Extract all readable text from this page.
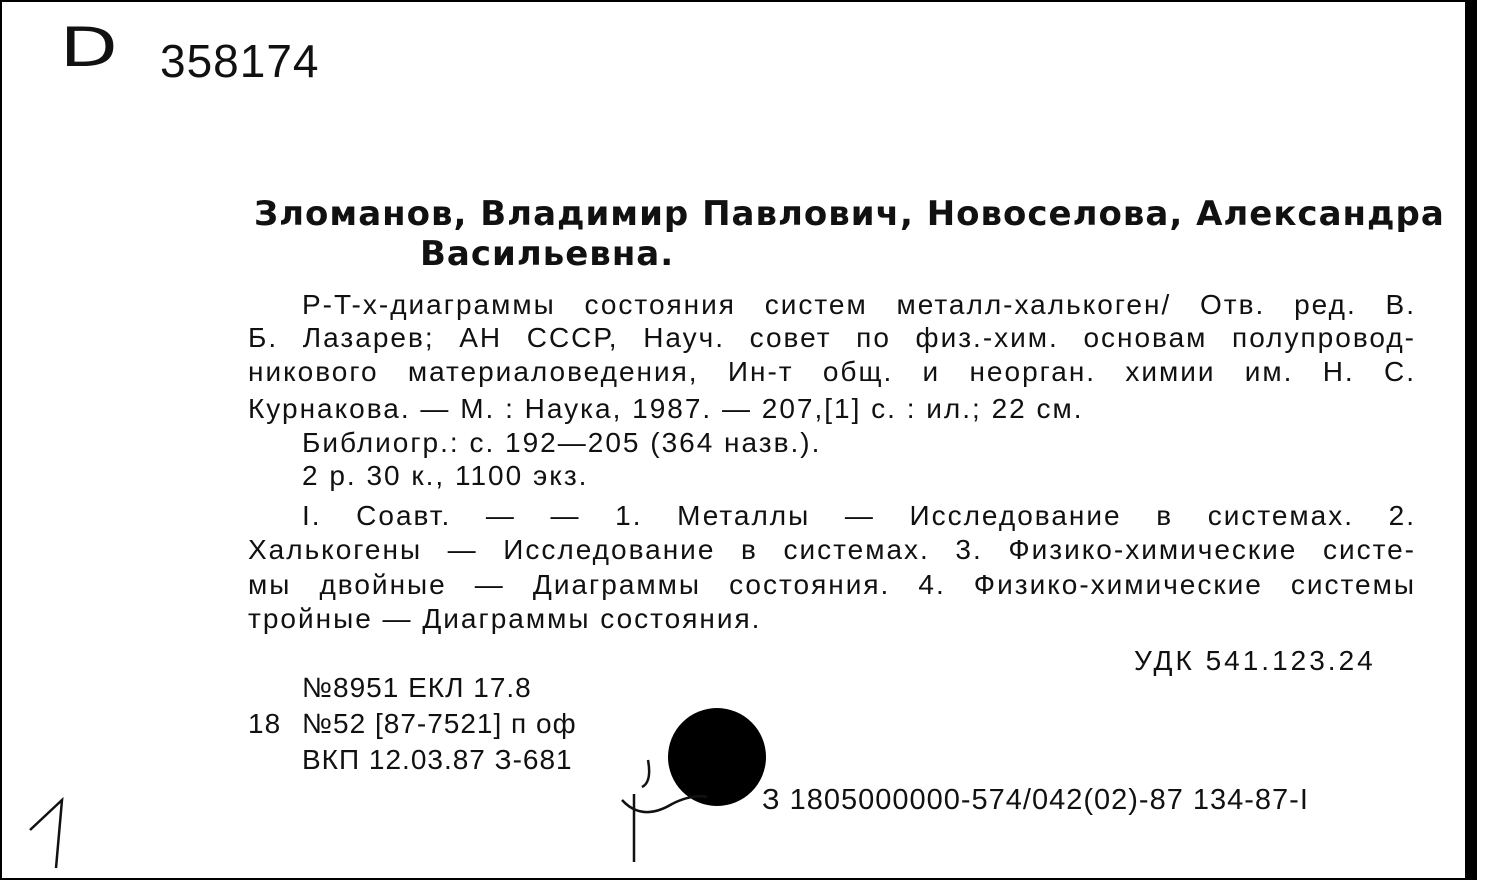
D 358174
Зломанов, Владимир Павлович, Новоселова, Александра
Васильевна.
P-T-х-диаграммы состояния систем металл-халькоген/ Отв. ред. В.
Б. Лазарев; АН СССР, Науч. совет по физ.-хим. основам полупровод-
никового материаловедения, Ин-т общ. и неорган. химии им. Н. С.
Курнакова. — М. : Наука, 1987. — 207,[1] с. : ил.; 22 см.
Библиогр.: с. 192—205 (364 назв.).
2 р. 30 к., 1100 экз.
I. Соавт. — — 1. Металлы — Исследование в системах. 2.
Халькогены — Исследование в системах. 3. Физико-химические систе-
мы двойные — Диаграммы состояния. 4. Физико-химические системы
тройные — Диаграммы состояния.
УДК 541.123.24
№8951 ЕКЛ 17.8
18 №52 [87-7521] п оф
ВКП 12.03.87 З-681
З 1805000000-574/042(02)-87 134-87-I
